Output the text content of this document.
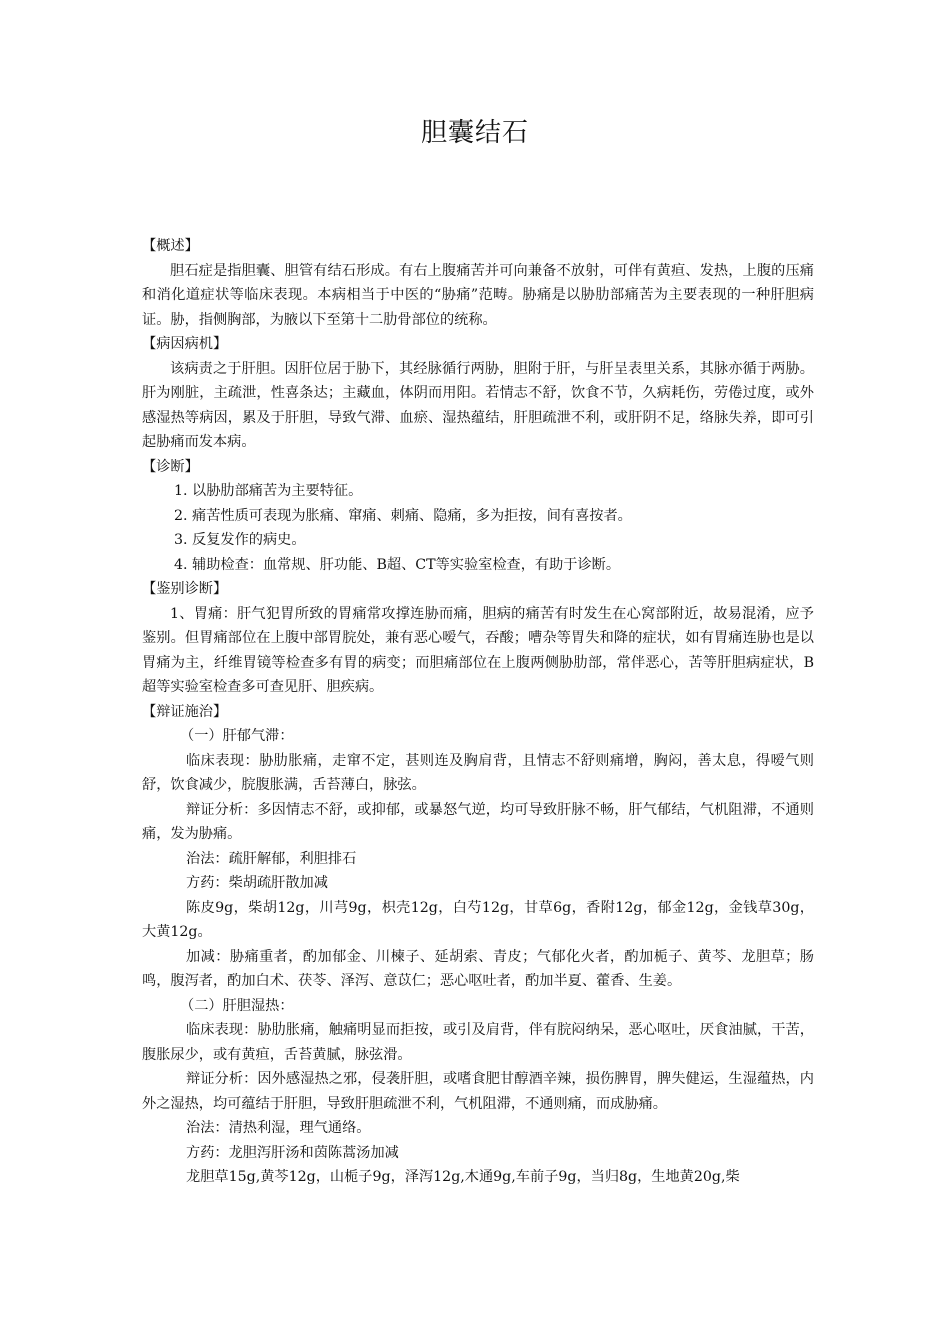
胆囊结石

【概述】

胆石症是指胆囊、胆管有结石形成。有右上腹痛苦并可向兼备不放射，可伴有黄疸、发热，上腹的压痛和消化道症状等临床表现。本病相当于中医的“胁痛”范畴。胁痛是以胁肋部痛苦为主要表现的一种肝胆病证。胁，指侧胸部，为腋以下至第十二肋骨部位的统称。

【病因病机】

该病责之于肝胆。因肝位居于胁下，其经脉循行两胁，胆附于肝，与肝呈表里关系，其脉亦循于两胁。肝为刚脏，主疏泄，性喜条达；主藏血，体阴而用阳。若情志不舒，饮食不节，久病耗伤，劳倦过度，或外感湿热等病因，累及于肝胆，导致气滞、血瘀、湿热蕴结，肝胆疏泄不利，或肝阴不足，络脉失养，即可引起胁痛而发本病。

【诊断】

1. 以胁肋部痛苦为主要特征。

2. 痛苦性质可表现为胀痛、窜痛、刺痛、隐痛，多为拒按，间有喜按者。

3. 反复发作的病史。

4. 辅助检查：血常规、肝功能、B超、CT等实验室检查，有助于诊断。

【鉴别诊断】

1、胃痛：肝气犯胃所致的胃痛常攻撑连胁而痛，胆病的痛苦有时发生在心窝部附近，故易混淆，应予鉴别。但胃痛部位在上腹中部胃脘处，兼有恶心嗳气，吞酸；嘈杂等胃失和降的症状，如有胃痛连胁也是以胃痛为主，纤维胃镜等检查多有胃的病变；而胆痛部位在上腹两侧胁肋部，常伴恶心，苦等肝胆病症状，B超等实验室检查多可查见肝、胆疾病。

【辩证施治】

（一）肝郁气滞：

临床表现：胁肋胀痛，走窜不定，甚则连及胸肩背，且情志不舒则痛增，胸闷，善太息，得嗳气则舒，饮食减少，脘腹胀满，舌苔薄白，脉弦。

辩证分析：多因情志不舒，或抑郁，或暴怒气逆，均可导致肝脉不畅，肝气郁结，气机阻滞，不通则痛，发为胁痛。

治法：疏肝解郁，利胆排石

方药：柴胡疏肝散加减

陈皮9g，柴胡12g，川芎9g，枳壳12g，白芍12g，甘草6g，香附12g，郁金12g，金钱草30g，大黄12g。

加减：胁痛重者，酌加郁金、川楝子、延胡索、青皮；气郁化火者，酌加栀子、黄芩、龙胆草；肠鸣，腹泻者，酌加白术、茯苓、泽泻、意苡仁；恶心呕吐者，酌加半夏、藿香、生姜。

（二）肝胆湿热：

临床表现：胁肋胀痛，触痛明显而拒按，或引及肩背，伴有脘闷纳呆，恶心呕吐，厌食油腻，干苦，腹胀尿少，或有黄疸，舌苔黄腻，脉弦滑。

辩证分析：因外感湿热之邪，侵袭肝胆，或嗜食肥甘醇酒辛辣，损伤脾胃，脾失健运，生湿蕴热，内外之湿热，均可蕴结于肝胆，导致肝胆疏泄不利，气机阻滞，不通则痛，而成胁痛。

治法：清热利湿，理气通络。

方药：龙胆泻肝汤和茵陈蒿汤加减

龙胆草15g,黄芩12g，山栀子9g，泽泻12g,木通9g,车前子9g，当归8g，生地黄20g,柴
